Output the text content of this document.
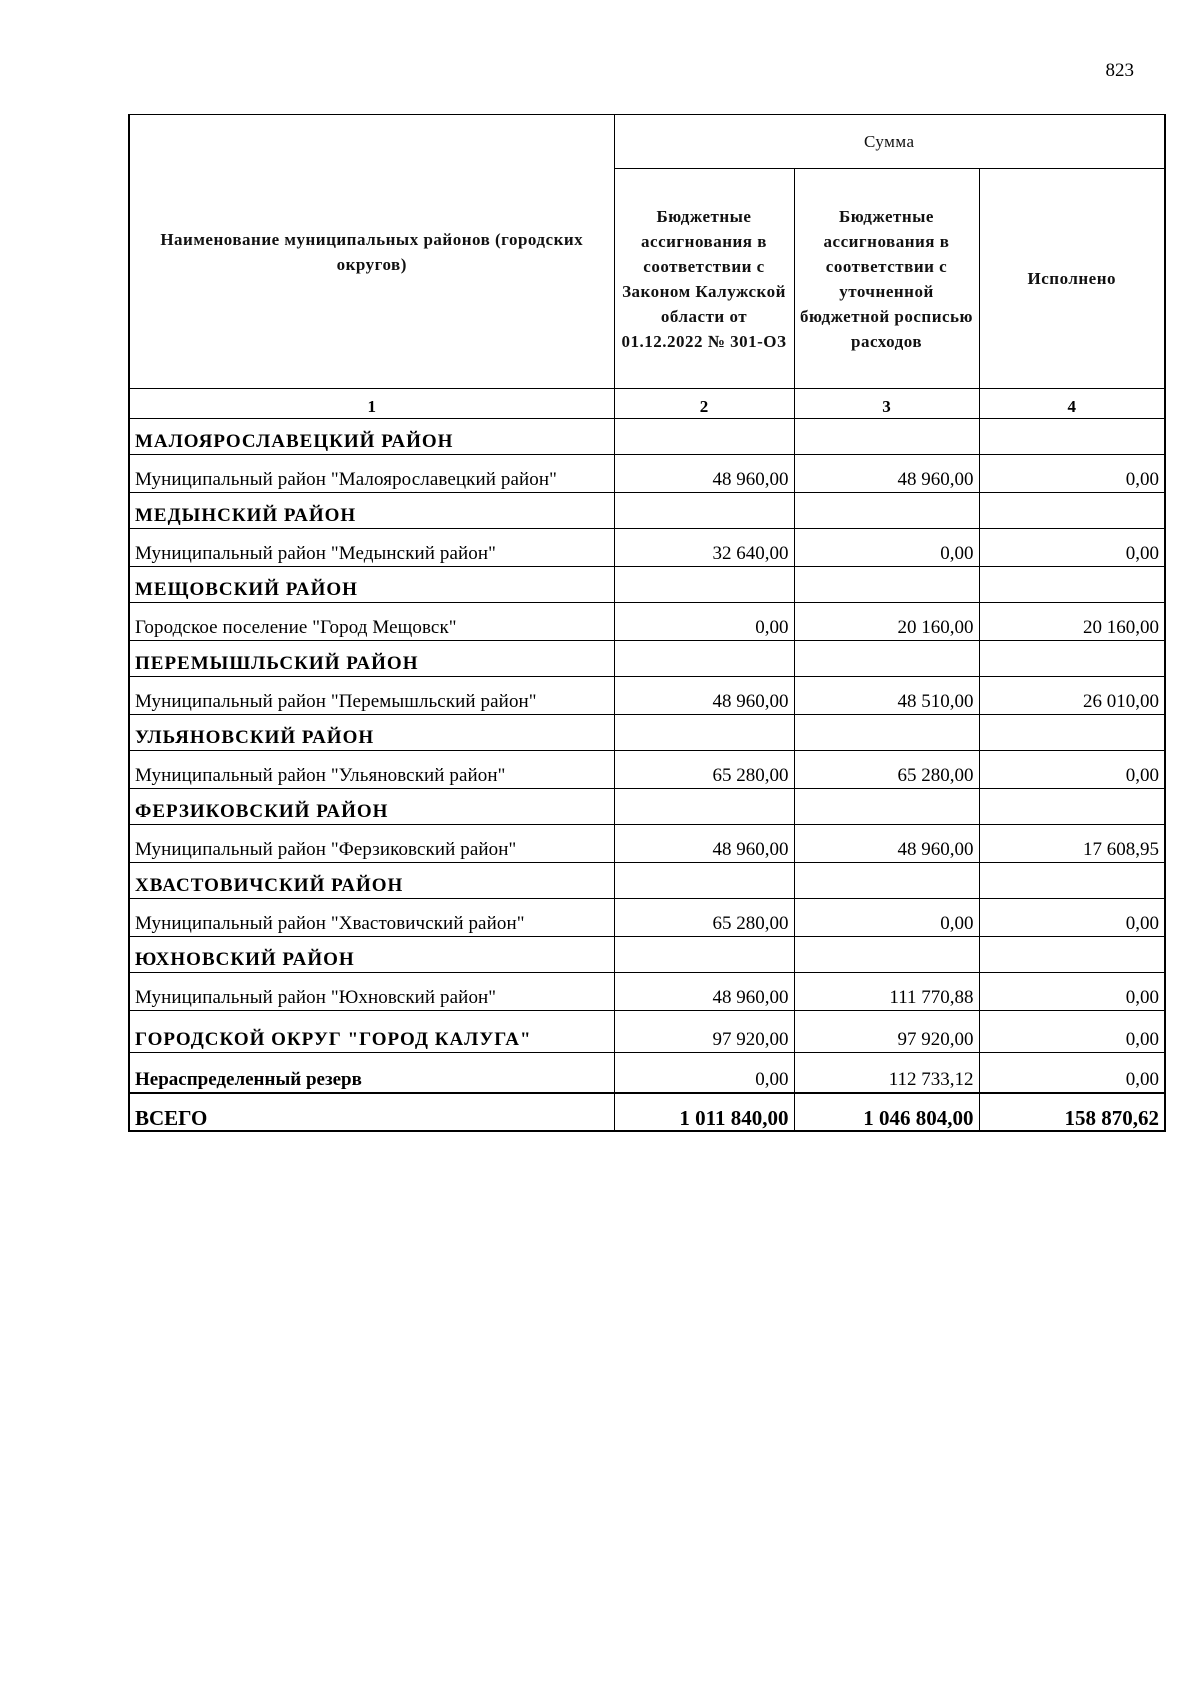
823
Наименование муниципальных районов (городских округов)	Сумма		
	Бюджетные ассигнования в соответствии с Законом Калужской области от 01.12.2022 № 301-ОЗ	Бюджетные ассигнования в соответствии с уточненной бюджетной росписью расходов	Исполнено
1	2	3	4
МАЛОЯРОСЛАВЕЦКИЙ РАЙОН			
Муниципальный район "Малоярославецкий район"	48 960,00	48 960,00	0,00
МЕДЫНСКИЙ РАЙОН			
Муниципальный район "Медынский район"	32 640,00	0,00	0,00
МЕЩОВСКИЙ РАЙОН			
Городское поселение "Город Мещовск"	0,00	20 160,00	20 160,00
ПЕРЕМЫШЛЬСКИЙ РАЙОН			
Муниципальный район "Перемышльский район"	48 960,00	48 510,00	26 010,00
УЛЬЯНОВСКИЙ РАЙОН			
Муниципальный район "Ульяновский район"	65 280,00	65 280,00	0,00
ФЕРЗИКОВСКИЙ РАЙОН			
Муниципальный район "Ферзиковский район"	48 960,00	48 960,00	17 608,95
ХВАСТОВИЧСКИЙ РАЙОН			
Муниципальный район "Хвастовичский район"	65 280,00	0,00	0,00
ЮХНОВСКИЙ РАЙОН			
Муниципальный район "Юхновский район"	48 960,00	111 770,88	0,00
ГОРОДСКОЙ ОКРУГ "ГОРОД КАЛУГА"	97 920,00	97 920,00	0,00
Нераспределенный резерв	0,00	112 733,12	0,00
ВСЕГО	1 011 840,00	1 046 804,00	158 870,62
